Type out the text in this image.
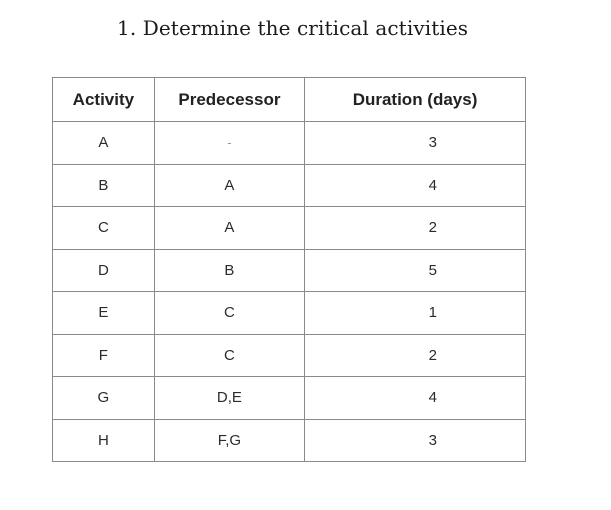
1. Determine the critical activities
Activity	Predecessor	Duration (days)
A	-	3
B	A	4
C	A	2
D	B	5
E	C	1
F	C	2
G	D,E	4
H	F,G	3
